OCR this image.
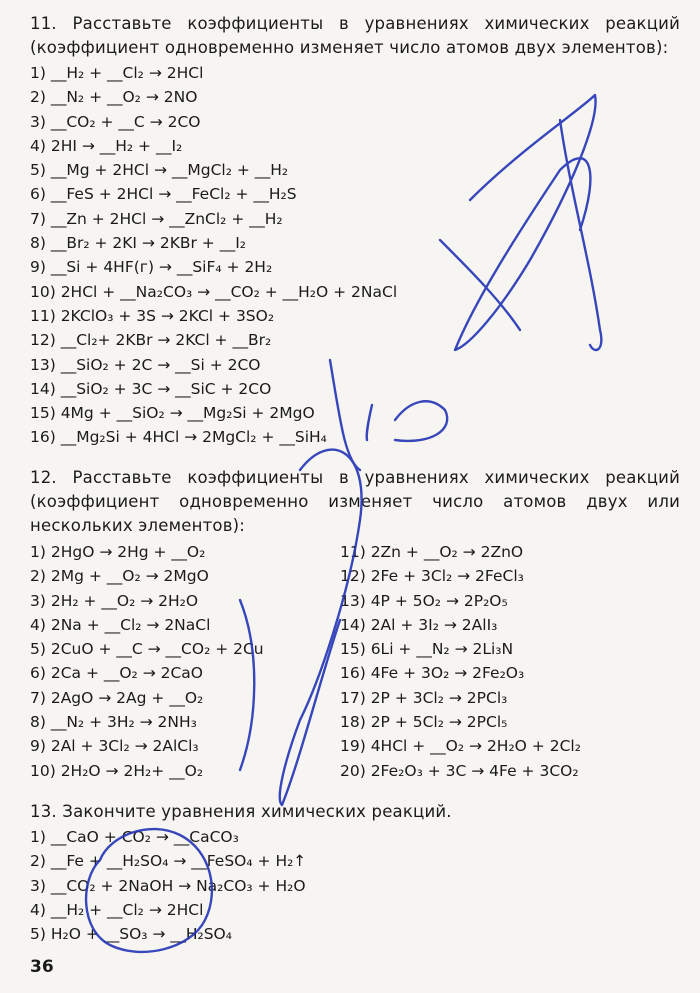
11. Расставьте коэффициенты в уравнениях химических реакций (коэффициент одновременно изменяет число атомов двух элементов):
1) __H₂ + __Cl₂ → 2HCl
2) __N₂ + __O₂ → 2NO
3) __CO₂ + __C → 2CO
4) 2HI → __H₂ + __I₂
5) __Mg + 2HCl → __MgCl₂ + __H₂
6) __FeS + 2HCl → __FeCl₂ + __H₂S
7) __Zn + 2HCl → __ZnCl₂ + __H₂
8) __Br₂ + 2KI → 2KBr + __I₂
9) __Si + 4HF(г) → __SiF₄ + 2H₂
10) 2HCl + __Na₂CO₃ → __CO₂ + __H₂O + 2NaCl
11) 2KClO₃ + 3S → 2KCl + 3SO₂
12) __Cl₂+ 2KBr → 2KCl + __Br₂
13) __SiO₂ + 2C → __Si + 2CO
14) __SiO₂ + 3C → __SiC + 2CO
15) 4Mg + __SiO₂ → __Mg₂Si + 2MgO
16) __Mg₂Si + 4HCl → 2MgCl₂ + __SiH₄
12. Расставьте коэффициенты в уравнениях химических реакций (коэффициент одновременно изменяет число атомов двух или нескольких элементов):
1) 2HgO → 2Hg + __O₂
2) 2Mg + __O₂ → 2MgO
3) 2H₂ + __O₂ → 2H₂O
4) 2Na + __Cl₂ → 2NaCl
5) 2CuO + __C → __CO₂ + 2Cu
6) 2Ca + __O₂ → 2CaO
7) 2AgO → 2Ag + __O₂
8) __N₂ + 3H₂ → 2NH₃
9) 2Al + 3Cl₂ → 2AlCl₃
10) 2H₂O → 2H₂+ __O₂
11) 2Zn + __O₂ → 2ZnO
12) 2Fe + 3Cl₂ → 2FeCl₃
13) 4P + 5O₂ → 2P₂O₅
14) 2Al + 3I₂ → 2AlI₃
15) 6Li + __N₂ → 2Li₃N
16) 4Fe + 3O₂ → 2Fe₂O₃
17) 2P + 3Cl₂ → 2PCl₃
18) 2P + 5Cl₂ → 2PCl₅
19) 4HCl + __O₂ → 2H₂O + 2Cl₂
20) 2Fe₂O₃ + 3C → 4Fe + 3CO₂
13. Закончите уравнения химических реакций.
1) __CaO + CO₂ → __CaCO₃
2) __Fe + __H₂SO₄ → __FeSO₄ + H₂↑
3) __CO₂ + 2NaOH → Na₂CO₃ + H₂O
4) __H₂ + __Cl₂ → 2HCl
5) H₂O + __SO₃ → __H₂SO₄
36
